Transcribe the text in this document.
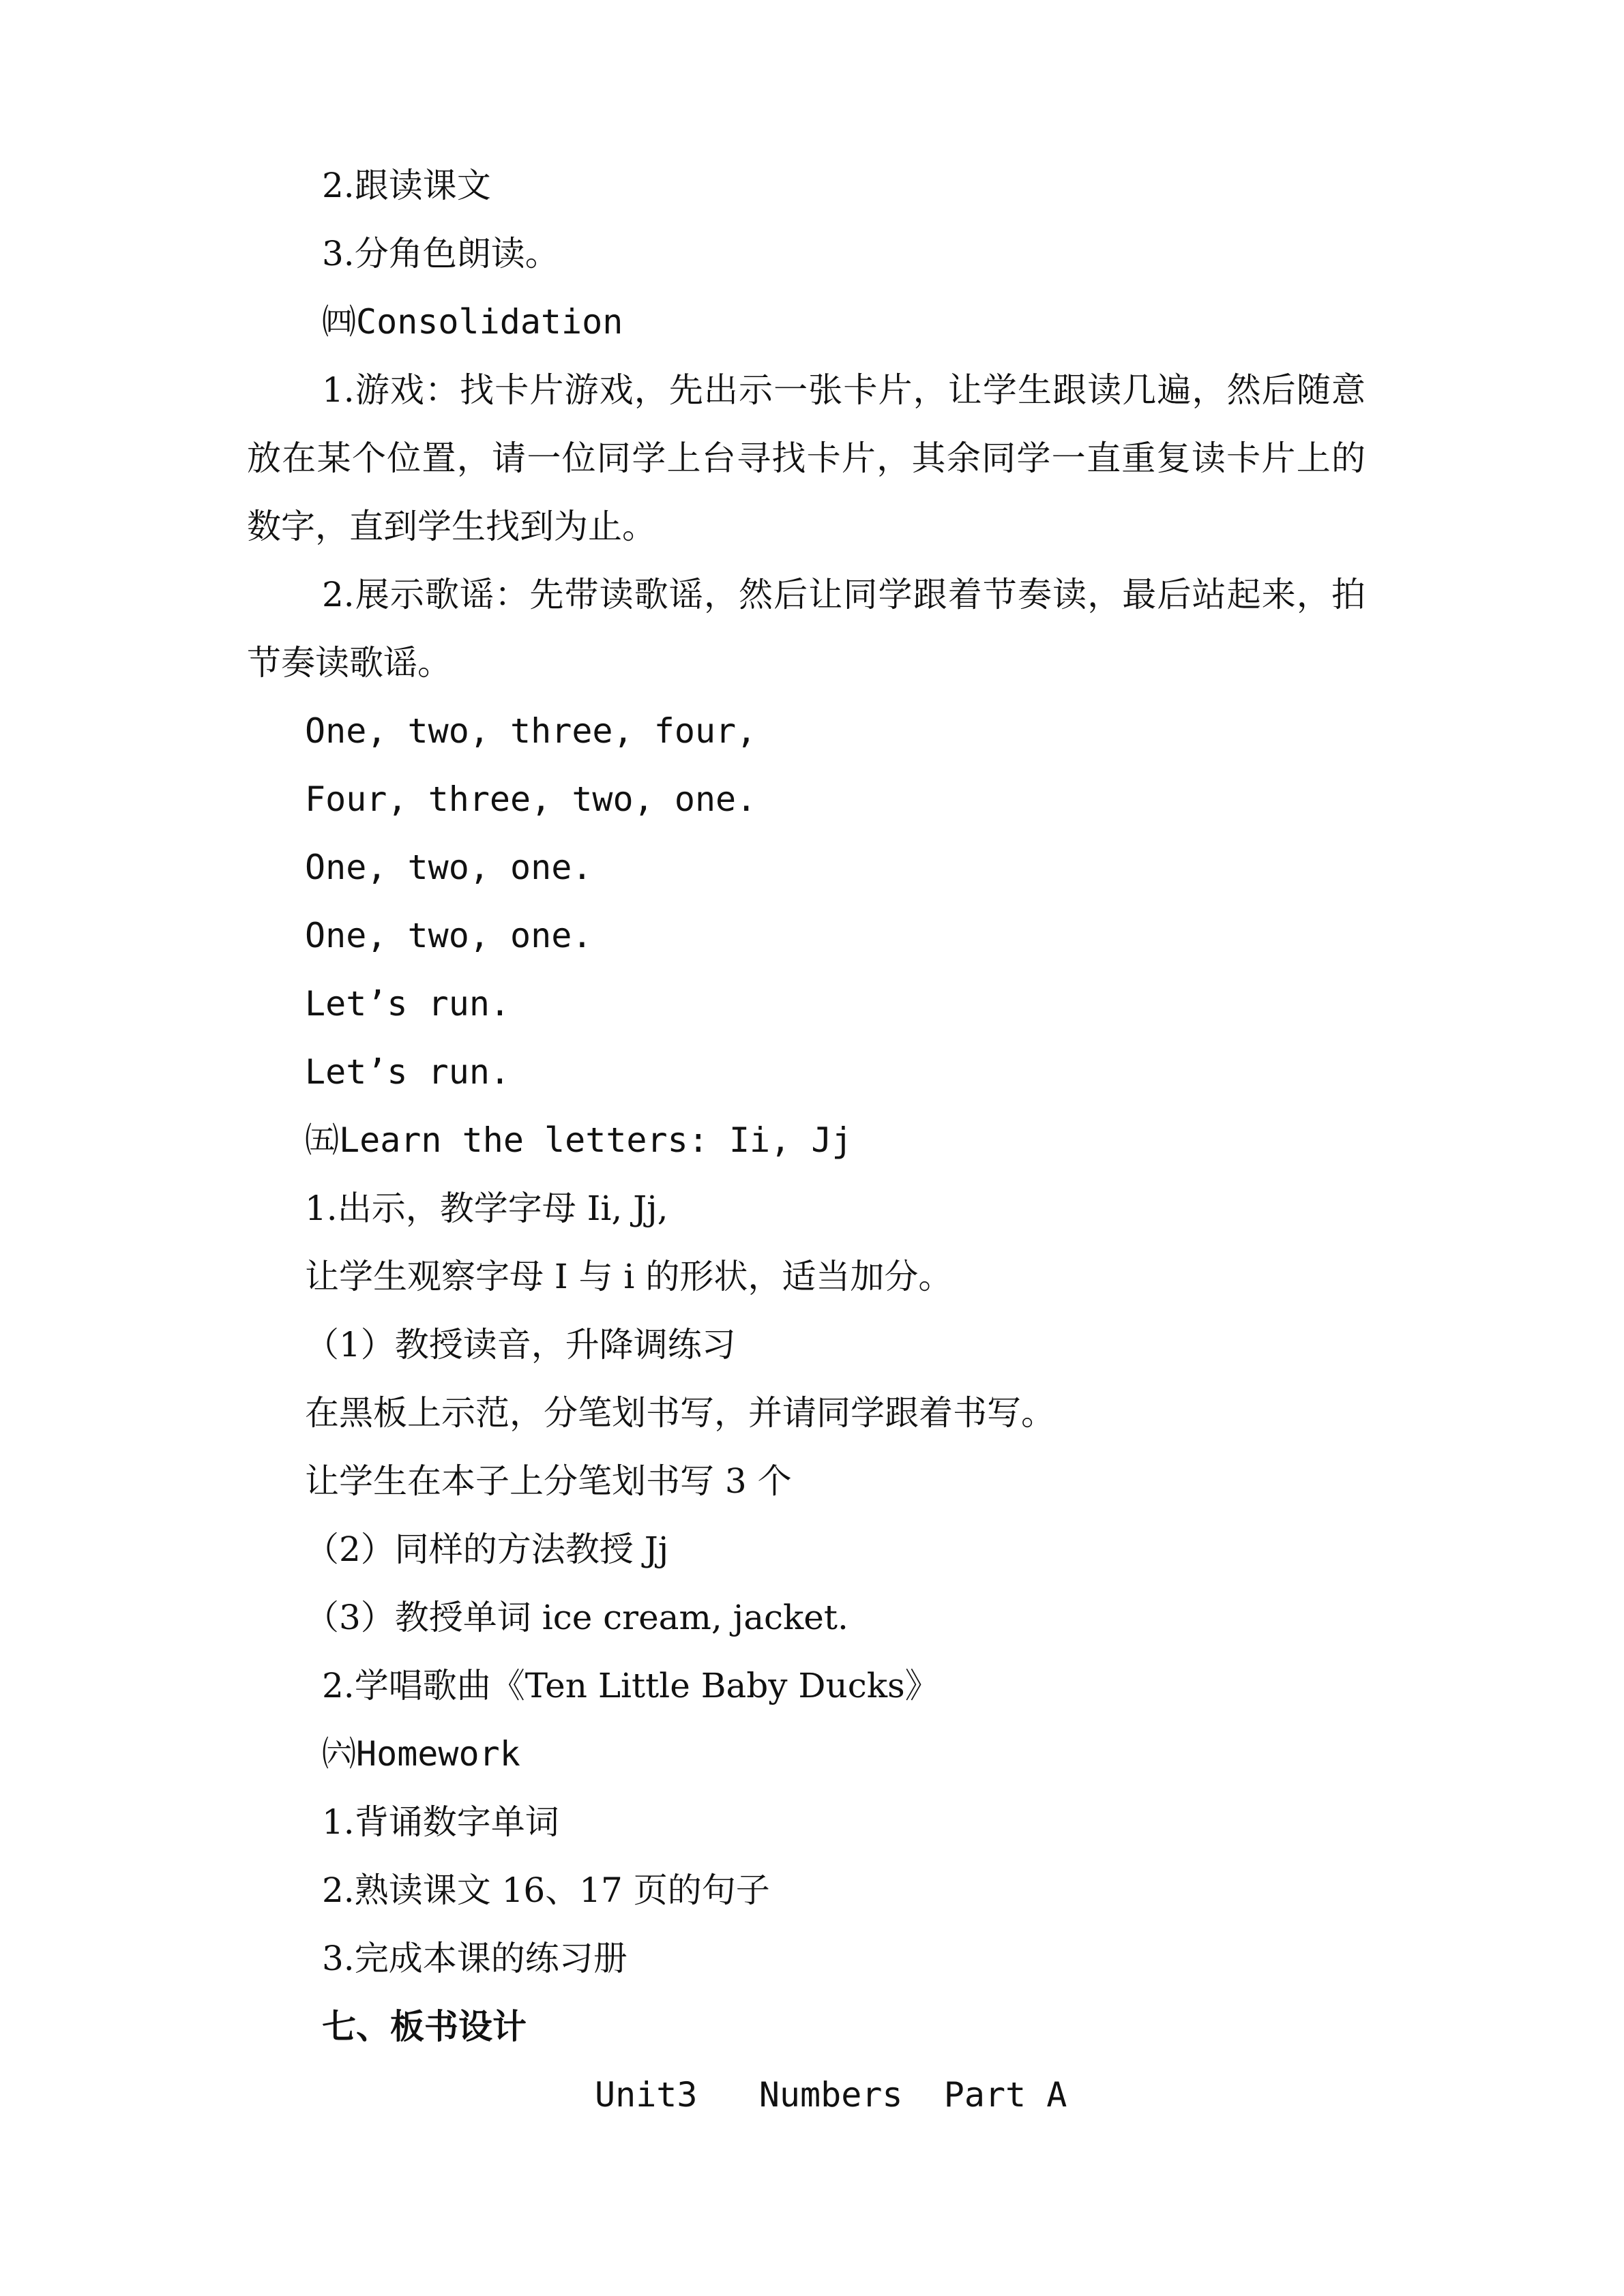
2.跟读课文
3.分角色朗读。
㈣Consolidation
1.游戏：找卡片游戏，先出示一张卡片，让学生跟读几遍，然后随意放在某个位置，请一位同学上台寻找卡片，其余同学一直重复读卡片上的数字，直到学生找到为止。
2.展示歌谣：先带读歌谣，然后让同学跟着节奏读，最后站起来，拍节奏读歌谣。
One, two, three, four,
Four, three, two, one.
One, two, one.
One, two, one.
Let’s run.
Let’s run.
㈤Learn the letters: Ii, Jj
1.出示，教学字母 Ii, Jj,
让学生观察字母 I 与 i 的形状，适当加分。
（1）教授读音，升降调练习
在黑板上示范，分笔划书写，并请同学跟着书写。
让学生在本子上分笔划书写 3 个
（2）同样的方法教授 Jj
（3）教授单词 ice cream, jacket.
2.学唱歌曲《Ten Little Baby Ducks》
㈥Homework
1.背诵数字单词
2.熟读课文 16、17 页的句子
3.完成本课的练习册
七、板书设计
Unit3   Numbers  Part A
